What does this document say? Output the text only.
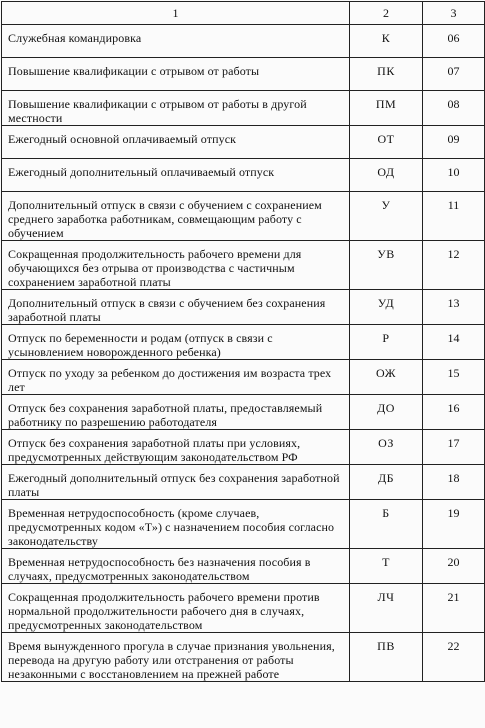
1	2	3
Служебная командировка	К	06
Повышение квалификации с отрывом от работы	ПК	07
Повышение квалификации с отрывом от работы в другой местности	ПМ	08
Ежегодный основной оплачиваемый отпуск	ОТ	09
Ежегодный дополнительный оплачиваемый отпуск	ОД	10
Дополнительный отпуск в связи с обучением с сохранением среднего заработка работникам, совмещающим работу с обучением	У	11
Сокращенная продолжительность рабочего времени для обучающихся без отрыва от производства с частичным сохранением заработной платы	УВ	12
Дополнительный отпуск в связи с обучением без сохранения заработной платы	УД	13
Отпуск по беременности и родам (отпуск в связи с усыновлением новорожденного ребенка)	Р	14
Отпуск по уходу за ребенком до достижения им возраста трех лет	ОЖ	15
Отпуск без сохранения заработной платы, предоставляемый работнику по разрешению работодателя	ДО	16
Отпуск без сохранения заработной платы при условиях, предусмотренных действующим законодательством РФ	ОЗ	17
Ежегодный дополнительный отпуск без сохранения заработной платы	ДБ	18
Временная нетрудоспособность (кроме случаев, предусмотренных кодом «Т») с назначением пособия согласно законодательству	Б	19
Временная нетрудоспособность без назначения пособия в случаях, предусмотренных законодательством	Т	20
Сокращенная продолжительность рабочего времени против нормальной продолжительности рабочего дня в случаях, предусмотренных законодательством	ЛЧ	21
Время вынужденного прогула в случае признания увольнения, перевода на другую работу или отстранения от работы незаконными с восстановлением на прежней работе	ПВ	22
